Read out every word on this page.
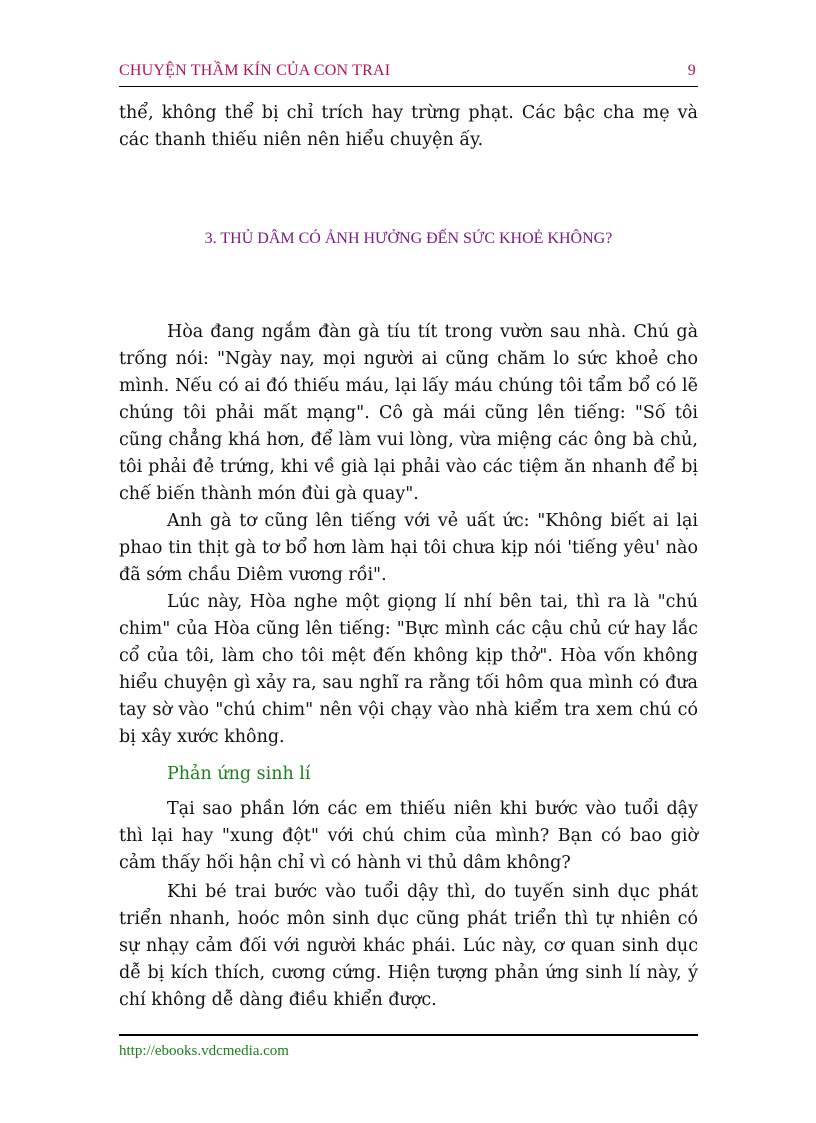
CHUYỆN THẦM KÍN CỦA CON TRAI	9

thể, không thể bị chỉ trích hay trừng phạt. Các bậc cha mẹ và các thanh thiếu niên nên hiểu chuyện ấy.

3. THỦ DÂM CÓ ẢNH HƯỞNG ĐẾN SỨC KHOẺ KHÔNG?

Hòa đang ngắm đàn gà tíu tít trong vườn sau nhà. Chú gà trống nói: "Ngày nay, mọi người ai cũng chăm lo sức khoẻ cho mình. Nếu có ai đó thiếu máu, lại lấy máu chúng tôi tẩm bổ có lẽ chúng tôi phải mất mạng". Cô gà mái cũng lên tiếng: "Số tôi cũng chẳng khá hơn, để làm vui lòng, vừa miệng các ông bà chủ, tôi phải đẻ trứng, khi về già lại phải vào các tiệm ăn nhanh để bị chế biến thành món đùi gà quay".

Anh gà tơ cũng lên tiếng với vẻ uất ức: "Không biết ai lại phao tin thịt gà tơ bổ hơn làm hại tôi chưa kịp nói 'tiếng yêu' nào đã sớm chầu Diêm vương rồi".

Lúc này, Hòa nghe một giọng lí nhí bên tai, thì ra là "chú chim" của Hòa cũng lên tiếng: "Bực mình các cậu chủ cứ hay lắc cổ của tôi, làm cho tôi mệt đến không kịp thở". Hòa vốn không hiểu chuyện gì xảy ra, sau nghĩ ra rằng tối hôm qua mình có đưa tay sờ vào "chú chim" nên vội chạy vào nhà kiểm tra xem chú có bị xây xước không.

Phản ứng sinh lí

Tại sao phần lớn các em thiếu niên khi bước vào tuổi dậy thì lại hay "xung đột" với chú chim của mình? Bạn có bao giờ cảm thấy hối hận chỉ vì có hành vi thủ dâm không?

Khi bé trai bước vào tuổi dậy thì, do tuyến sinh dục phát triển nhanh, hoóc môn sinh dục cũng phát triển thì tự nhiên có sự nhạy cảm đối với người khác phái. Lúc này, cơ quan sinh dục dễ bị kích thích, cương cứng. Hiện tượng phản ứng sinh lí này, ý chí không dễ dàng điều khiển được.

http://ebooks.vdcmedia.com
